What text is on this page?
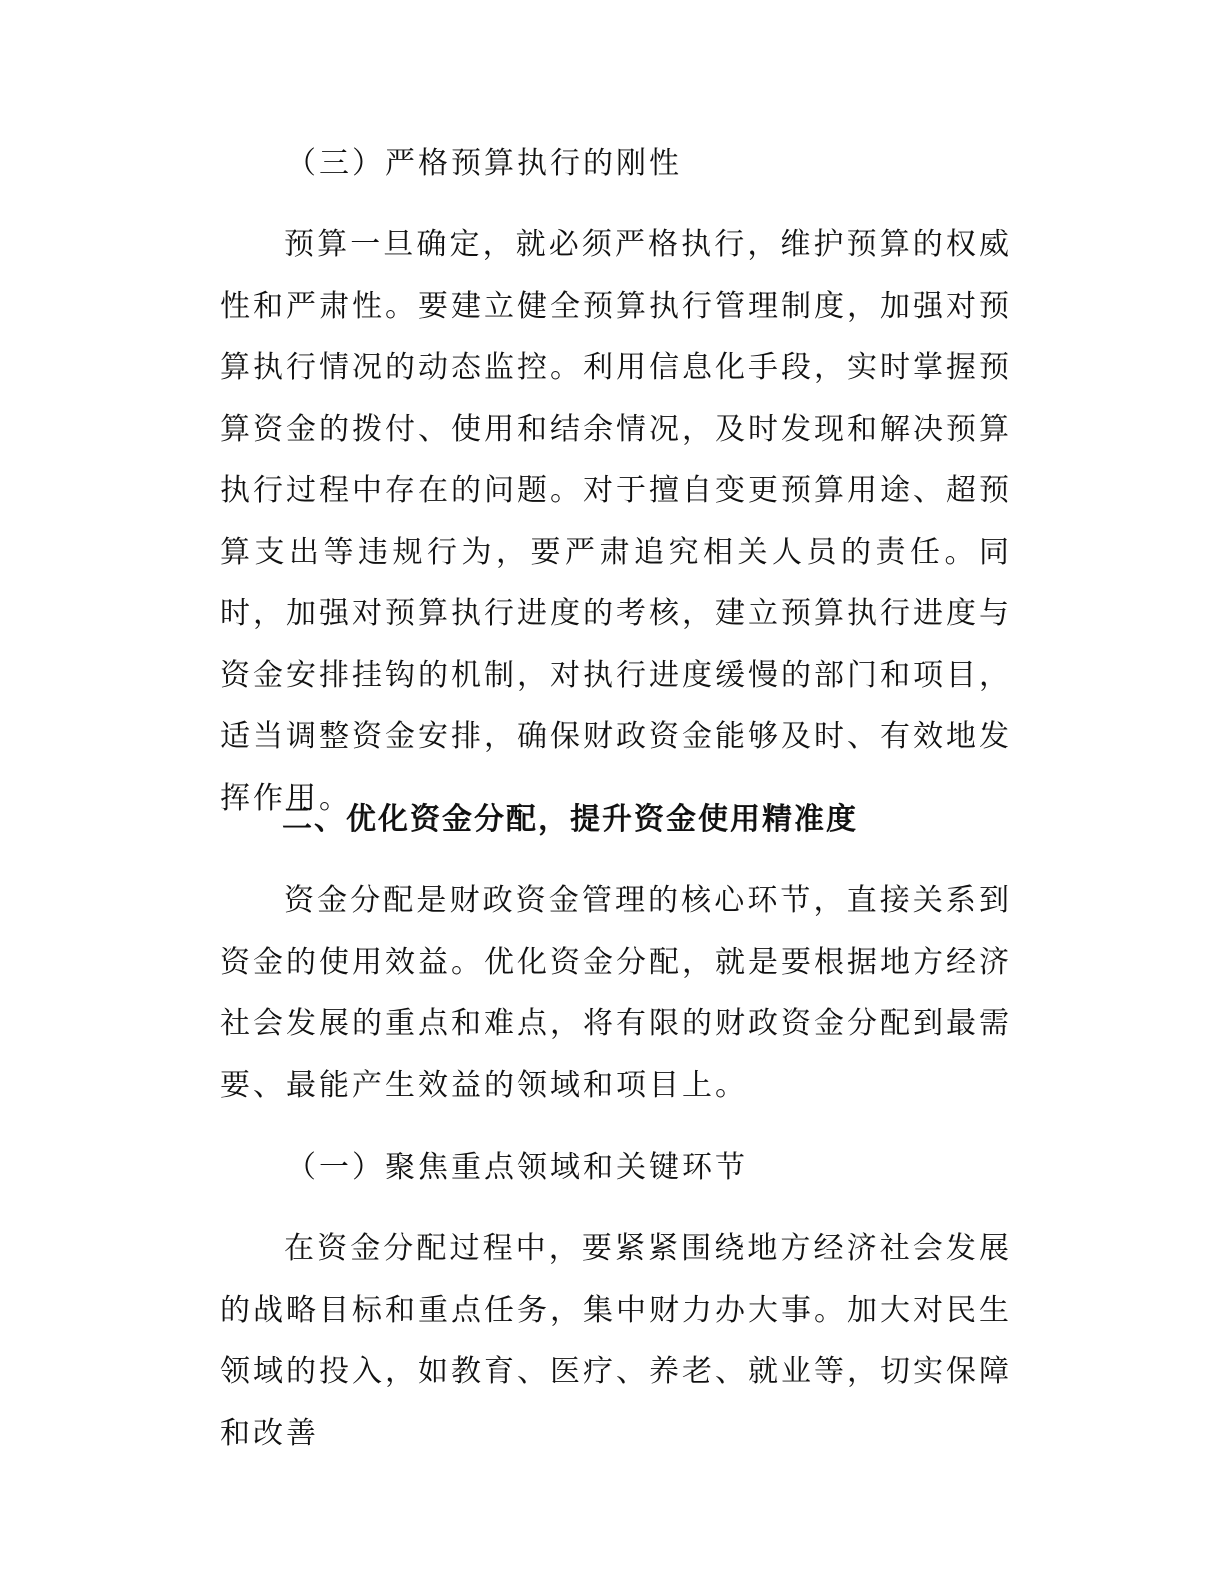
（三）严格预算执行的刚性

预算一旦确定，就必须严格执行，维护预算的权威性和严肃性。要建立健全预算执行管理制度，加强对预算执行情况的动态监控。利用信息化手段，实时掌握预算资金的拨付、使用和结余情况，及时发现和解决预算执行过程中存在的问题。对于擅自变更预算用途、超预算支出等违规行为，要严肃追究相关人员的责任。同时，加强对预算执行进度的考核，建立预算执行进度与资金安排挂钩的机制，对执行进度缓慢的部门和项目，适当调整资金安排，确保财政资金能够及时、有效地发挥作用。

二、优化资金分配，提升资金使用精准度

资金分配是财政资金管理的核心环节，直接关系到资金的使用效益。优化资金分配，就是要根据地方经济社会发展的重点和难点，将有限的财政资金分配到最需要、最能产生效益的领域和项目上。

（一）聚焦重点领域和关键环节

在资金分配过程中，要紧紧围绕地方经济社会发展的战略目标和重点任务，集中财力办大事。加大对民生领域的投入，如教育、医疗、养老、就业等，切实保障和改善
